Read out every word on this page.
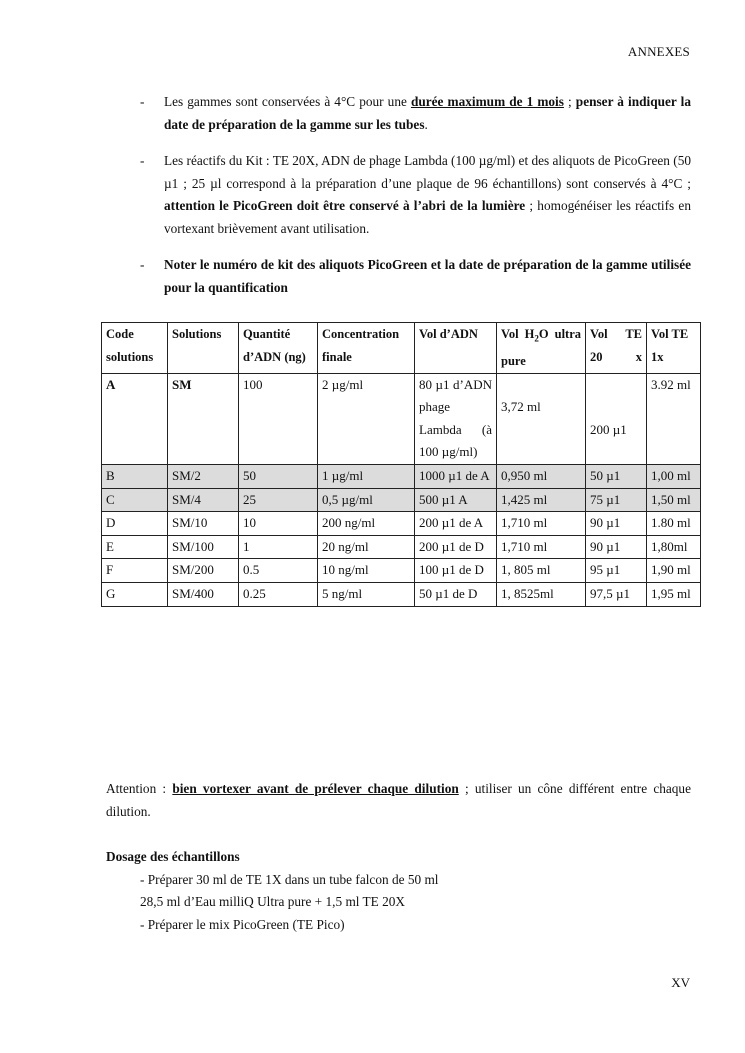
ANNEXES
- Les gammes sont conservées à 4°C pour une durée maximum de 1 mois ; penser à indiquer la date de préparation de la gamme sur les tubes.
- Les réactifs du Kit : TE 20X, ADN de phage Lambda (100 µg/ml) et des aliquots de PicoGreen (50 µ1 ; 25 µl correspond à la préparation d’une plaque de 96 échantillons) sont conservés à 4°C ; attention le PicoGreen doit être conservé à l’abri de la lumière ; homogénéiser les réactifs en vortexant brièvement avant utilisation.
- Noter le numéro de kit des aliquots PicoGreen et la date de préparation de la gamme utilisée pour la quantification
Code solutions	Solutions	Quantité d’ADN (ng)	Concentration finale	Vol d’ADN	Vol $H_2O$ ultra pure	Vol TE 20 x	Vol TE 1x
A	SM	100	2 µg/ml	80 µ1 d’ADN phage Lambda (à 100 µg/ml)	3,72 ml	200 µ1	3.92 ml
B	SM/2	50	1 µg/ml	1000 µ1 de A	0,950 ml	50 µ1	1,00 ml
C	SM/4	25	0,5 µg/ml	500 µ1 A	1,425 ml	75 µ1	1,50 ml
D	SM/10	10	200 ng/ml	200 µ1 de A	1,710 ml	90 µ1	1.80 ml
E	SM/100	1	20 ng/ml	200 µ1 de D	1,710 ml	90 µ1	1,80ml
F	SM/200	0.5	10 ng/ml	100 µ1 de D	1, 805 ml	95 µ1	1,90 ml
G	SM/400	0.25	5 ng/ml	50 µ1 de D	1, 8525ml	97,5 µ1	1,95 ml
Attention : bien vortexer avant de prélever chaque dilution ; utiliser un cône différent entre chaque dilution.
Dosage des échantillons
- Préparer 30 ml de TE 1X dans un tube falcon de 50 ml
28,5 ml d’Eau milliQ Ultra pure + 1,5 ml TE 20X
- Préparer le mix PicoGreen (TE Pico)
XV
